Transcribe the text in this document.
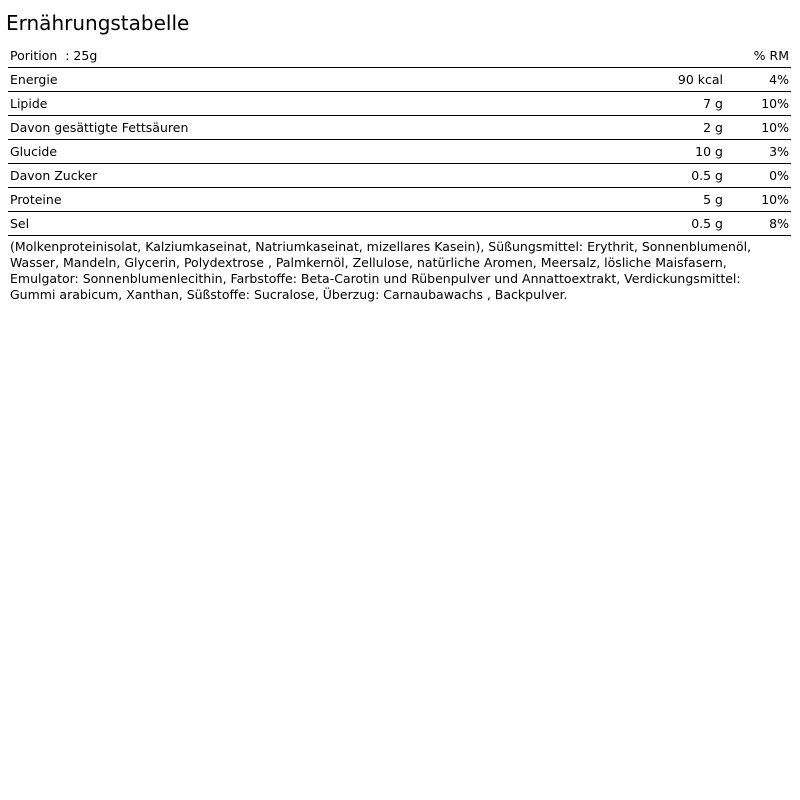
Ernährungstabelle
Porition  : 25g		% RM
Energie	90 kcal	4%
Lipide	7 g	10%
Davon gesättigte Fettsäuren	2 g	10%
Glucide	10 g	3%
Davon Zucker	0.5 g	0%
Proteine	5 g	10%
Sel	0.5 g	8%

(Molkenproteinisolat, Kalziumkaseinat, Natriumkaseinat, mizellares Kasein), Süßungsmittel: Erythrit, Sonnenblumenöl, Wasser, Mandeln, Glycerin, Polydextrose , Palmkernöl, Zellulose, natürliche Aromen, Meersalz, lösliche Maisfasern, Emulgator: Sonnenblumenlecithin, Farbstoffe: Beta-Carotin und Rübenpulver und Annattoextrakt, Verdickungsmittel: Gummi arabicum, Xanthan, Süßstoffe: Sucralose, Überzug: Carnaubawachs , Backpulver.
